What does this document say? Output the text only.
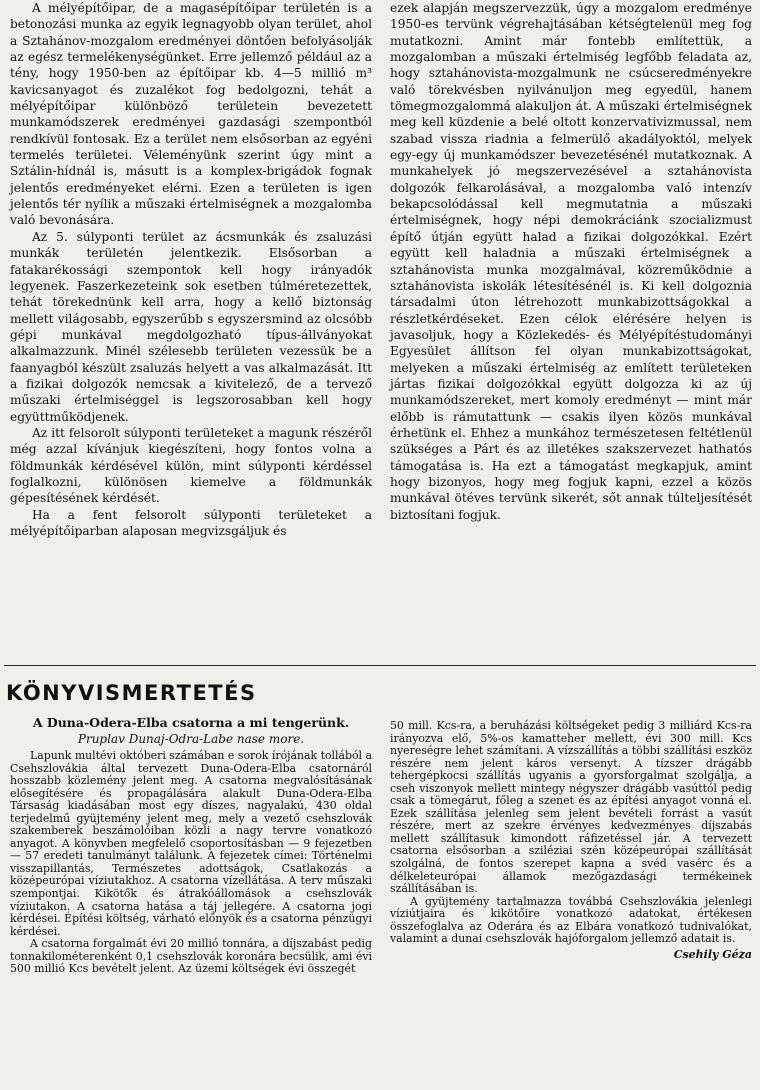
A mélyépítőipar, de a magasépítőipar területén is a betonozási munka az egyik legnagyobb olyan terület, ahol a Sztahánov-mozgalom eredményei döntően befolyásolják az egész termelékenységünket. Erre jellemző például az a tény, hogy 1950-ben az építőipar kb. 4—5 millió m³ kavicsanyagot és zuzalékot fog bedolgozni, tehát a mélyépítőipar különböző területein bevezetett munkamódszerek eredményei gazdasági szempontból rendkívül fontosak. Ez a terület nem elsősorban az egyéni termelés területei. Véleményünk szerint úgy mint a Sztálin-hídnál is, másutt is a komplex-brigádok fognak jelentős eredményeket elérni. Ezen a területen is igen jelentős tér nyílik a műszaki értelmiségnek a mozgalomba való bevonására.

Az 5. súlyponti terület az ácsmunkák és zsaluzási munkák területén jelentkezik. Elsősorban a fatakarékossági szempontok kell hogy irányadók legyenek. Faszerkezeteink sok esetben túlméretezettek, tehát törekednünk kell arra, hogy a kellő biztonság mellett világosabb, egyszerűbb s egyszersmind az olcsóbb gépi munkával megdolgozható típus-állványokat alkalmazzunk. Minél szélesebb területen vezessük be a faanyagból készült zsaluzás helyett a vas alkalmazását. Itt a fizikai dolgozók nemcsak a kivitelező, de a tervező műszaki értelmiséggel is legszorosabban kell hogy együttműködjenek.

Az itt felsorolt súlyponti területeket a magunk részéről még azzal kívánjuk kiegészíteni, hogy fontos volna a földmunkák kérdésével külön, mint súlyponti kérdéssel foglalkozni, különösen kiemelve a földmunkák gépesítésének kérdését.

Ha a fent felsorolt súlyponti területeket a mélyépítőiparban alaposan megvizsgáljuk és

ezek alapján megszervezzük, úgy a mozgalom eredménye 1950-es tervünk végrehajtásában kétségtelenül meg fog mutatkozni. Amint már fontebb említettük, a mozgalomban a műszaki értelmiség legfőbb feladata az, hogy sztahánovista-mozgalmunk ne csúcseredményekre való törekvésben nyilvánuljon meg egyedül, hanem tömegmozgalommá alakuljon át. A műszaki értelmiségnek meg kell küzdenie a belé oltott konzervativizmussal, nem szabad vissza riadnia a felmerülő akadályoktól, melyek egy-egy új munkamódszer bevezetésénél mutatkoznak. A munkahelyek jó megszervezésével a sztahánovista dolgozók felkarolásával, a mozgalomba való intenzív bekapcsolódással kell megmutatnia a műszaki értelmiségnek, hogy népi demokráciánk szocializmust építő útján együtt halad a fizikai dolgozókkal. Ezért együtt kell haladnia a műszaki értelmiségnek a sztahánovista munka mozgalmával, közreműködnie a sztahánovista iskolák létesítésénél is. Ki kell dolgoznia társadalmi úton létrehozott munkabizottságokkal a részletkérdéseket. Ezen célok elérésére helyen is javasoljuk, hogy a Közlekedés- és Mélyépítéstudományi Egyesület állítson fel olyan munkabizottságokat, melyeken a műszaki értelmiség az említett területeken jártas fizikai dolgozókkal együtt dolgozza ki az új munkamódszereket, mert komoly eredményt — mint már előbb is rámutattunk — csakis ilyen közös munkával érhetünk el. Ehhez a munkához természetesen feltétlenül szükséges a Párt és az illetékes szakszervezet hathatós támogatása is. Ha ezt a támogatást megkapjuk, amint hogy bizonyos, hogy meg fogjuk kapni, ezzel a közös munkával ötéves tervünk sikerét, sőt annak túlteljesítését biztosítani fogjuk.

KÖNYVISMERTETÉS
A Duna-Odera-Elba csatorna a mi tengerünk.
Pruplav Dunaj-Odra-Labe nase more.

Lapunk multévi októberi számában e sorok írójának tollából a Csehszlovákia által tervezett Duna-Odera-Elba csatornáról hosszabb közlemény jelent meg. A csatorna megvalósításának elősegítésére és propagálására alakult Duna-Odera-Elba Társaság kiadásában most egy díszes, nagyalakú, 430 oldal terjedelmű gyüjtemény jelent meg, mely a vezető csehszlovák szakemberek beszámolóiban közli a nagy tervre vonatkozó anyagot. A könyvben megfelelő csoportosításban — 9 fejezetben — 57 eredeti tanulmányt találunk. A fejezetek címei: Történelmi visszapillantás, Természetes adottságok, Csatlakozás a középeurópai víziutakhoz. A csatorna vízellátása. A terv műszaki szempontjai. Kikötők és átrakóállomások a csehszlovák víziutakon. A csatorna hatása a táj jellegére. A csatorna jogi kérdései. Építési költség, várható előnyök és a csatorna pénzügyi kérdései.

A csatorna forgalmát évi 20 millió tonnára, a díjszabást pedig tonnakilométerenként 0,1 csehszlovák koronára becsülik, ami évi 500 millió Kcs bevételt jelent. Az üzemi költségek évi összegét

50 mill. Kcs-ra, a beruházási költségeket pedig 3 milliárd Kcs-ra irányozva elő, 5%-os kamatteher mellett, évi 300 mill. Kcs nyereségre lehet számítani. A vízszállítás a többi szállítási eszköz részére nem jelent káros versenyt. A tízszer drágább tehergépkocsi szállítás ugyanis a gyorsforgalmat szolgálja, a cseh viszonyok mellett mintegy négyszer drágább vasúttól pedig csak a tömegárut, főleg a szenet és az építési anyagot vonná el. Ezek szállítása jelenleg sem jelent bevételi forrást a vasút részére, mert az szekre érvényes kedvezményes díjszabás mellett szállítasuk kimondott ráfizetéssel jár. A tervezett csatorna elsősorban a sziléziai szén középeurópai szállítását szolgálná, de fontos szerepet kapna a svéd vasérc és a délkeleteurópai államok mezőgazdasági termékeinek szállításában is.

A gyüjtemény tartalmazza továbbá Csehszlovákia jelenlegi víziútjaira és kikötőire vonatkozó adatokat, értékesen összefoglalva az Oderára és az Elbára vonatkozó tudnivalókat, valamint a dunai csehszlovák hajóforgalom jellemző adatait is.

Csehily Géza
